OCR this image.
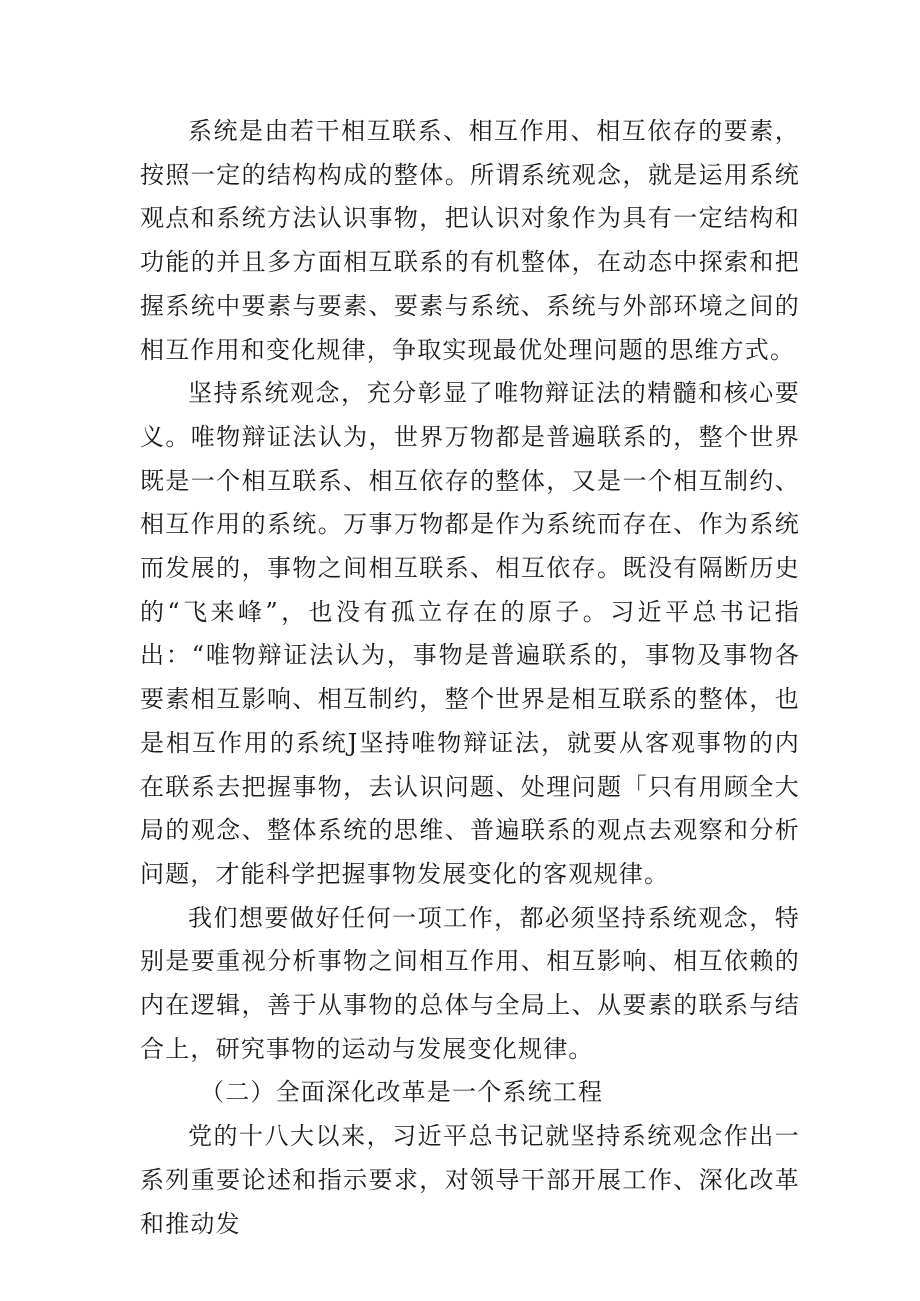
系统是由若干相互联系、相互作用、相互依存的要素，按照一定的结构构成的整体。所谓系统观念，就是运用系统观点和系统方法认识事物，把认识对象作为具有一定结构和功能的并且多方面相互联系的有机整体，在动态中探索和把握系统中要素与要素、要素与系统、系统与外部环境之间的相互作用和变化规律，争取实现最优处理问题的思维方式。

坚持系统观念，充分彰显了唯物辩证法的精髓和核心要义。唯物辩证法认为，世界万物都是普遍联系的，整个世界既是一个相互联系、相互依存的整体，又是一个相互制约、相互作用的系统。万事万物都是作为系统而存在、作为系统而发展的，事物之间相互联系、相互依存。既没有隔断历史的“飞来峰”，也没有孤立存在的原子。习近平总书记指出：“唯物辩证法认为，事物是普遍联系的，事物及事物各要素相互影响、相互制约，整个世界是相互联系的整体，也是相互作用的系统J坚持唯物辩证法，就要从客观事物的内在联系去把握事物，去认识问题、处理问题「只有用顾全大局的观念、整体系统的思维、普遍联系的观点去观察和分析问题，才能科学把握事物发展变化的客观规律。

我们想要做好任何一项工作，都必须坚持系统观念，特别是要重视分析事物之间相互作用、相互影响、相互依赖的内在逻辑，善于从事物的总体与全局上、从要素的联系与结合上，研究事物的运动与发展变化规律。

（二）全面深化改革是一个系统工程

党的十八大以来，习近平总书记就坚持系统观念作出一系列重要论述和指示要求，对领导干部开展工作、深化改革和推动发
